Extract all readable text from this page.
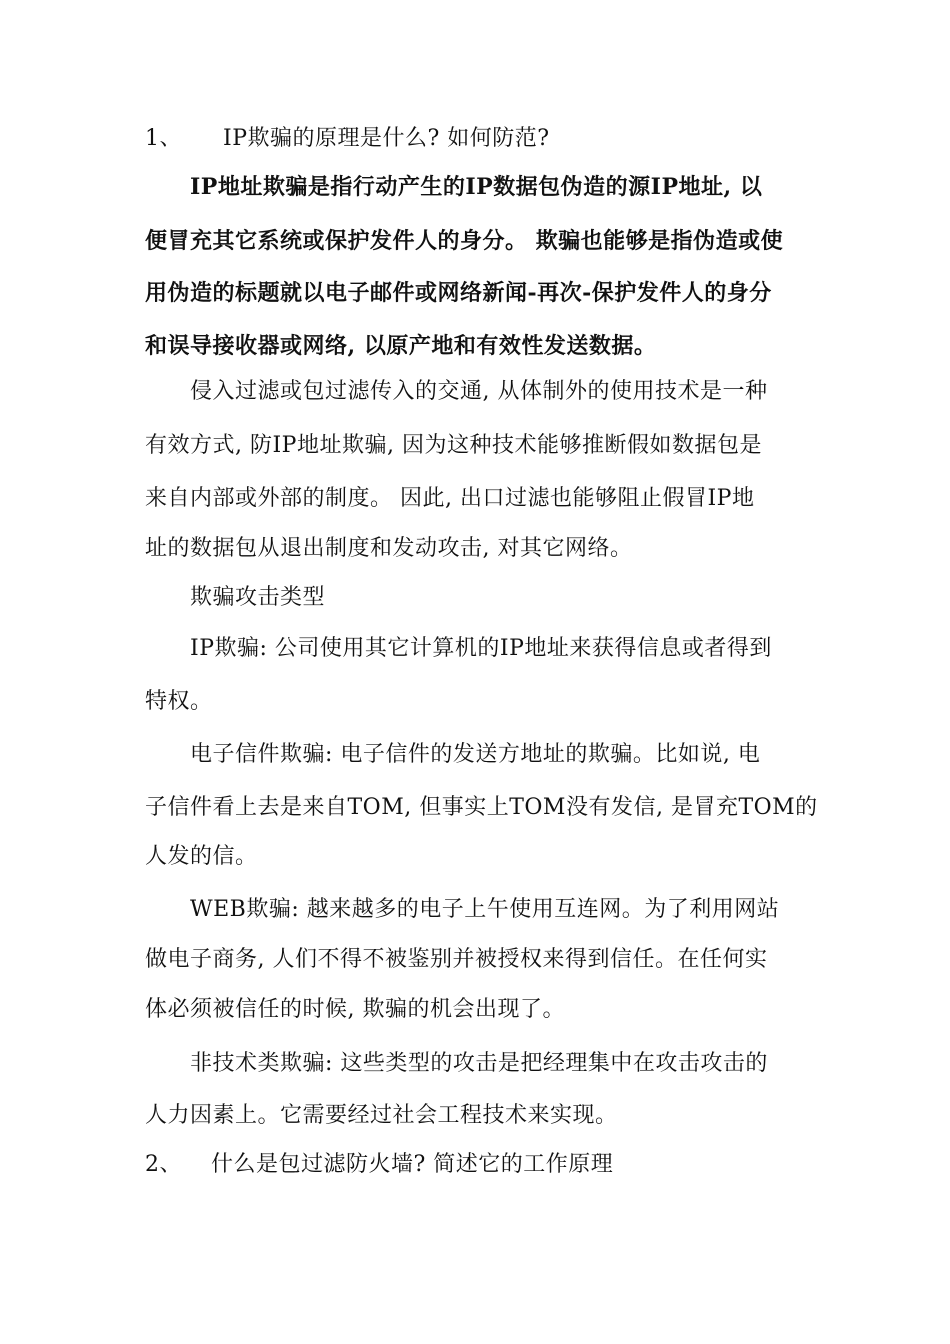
1、 IP欺骗的原理是什么? 如何防范?
IP地址欺骗是指行动产生的IP数据包伪造的源IP地址, 以
便冒充其它系统或保护发件人的身分。 欺骗也能够是指伪造或使
用伪造的标题就以电子邮件或网络新闻-再次-保护发件人的身分
和误导接收器或网络, 以原产地和有效性发送数据。
侵入过滤或包过滤传入的交通, 从体制外的使用技术是一种
有效方式, 防IP地址欺骗, 因为这种技术能够推断假如数据包是
来自内部或外部的制度。 因此, 出口过滤也能够阻止假冒IP地
址的数据包从退出制度和发动攻击, 对其它网络。
欺骗攻击类型
IP欺骗: 公司使用其它计算机的IP地址来获得信息或者得到
特权。
电子信件欺骗: 电子信件的发送方地址的欺骗。比如说, 电
子信件看上去是来自TOM, 但事实上TOM没有发信, 是冒充TOM的
人发的信。
WEB欺骗: 越来越多的电子上午使用互连网。为了利用网站
做电子商务, 人们不得不被鉴别并被授权来得到信任。在任何实
体必须被信任的时候, 欺骗的机会出现了。
非技术类欺骗: 这些类型的攻击是把经理集中在攻击攻击的
人力因素上。它需要经过社会工程技术来实现。
2、 什么是包过滤防火墙? 简述它的工作原理
